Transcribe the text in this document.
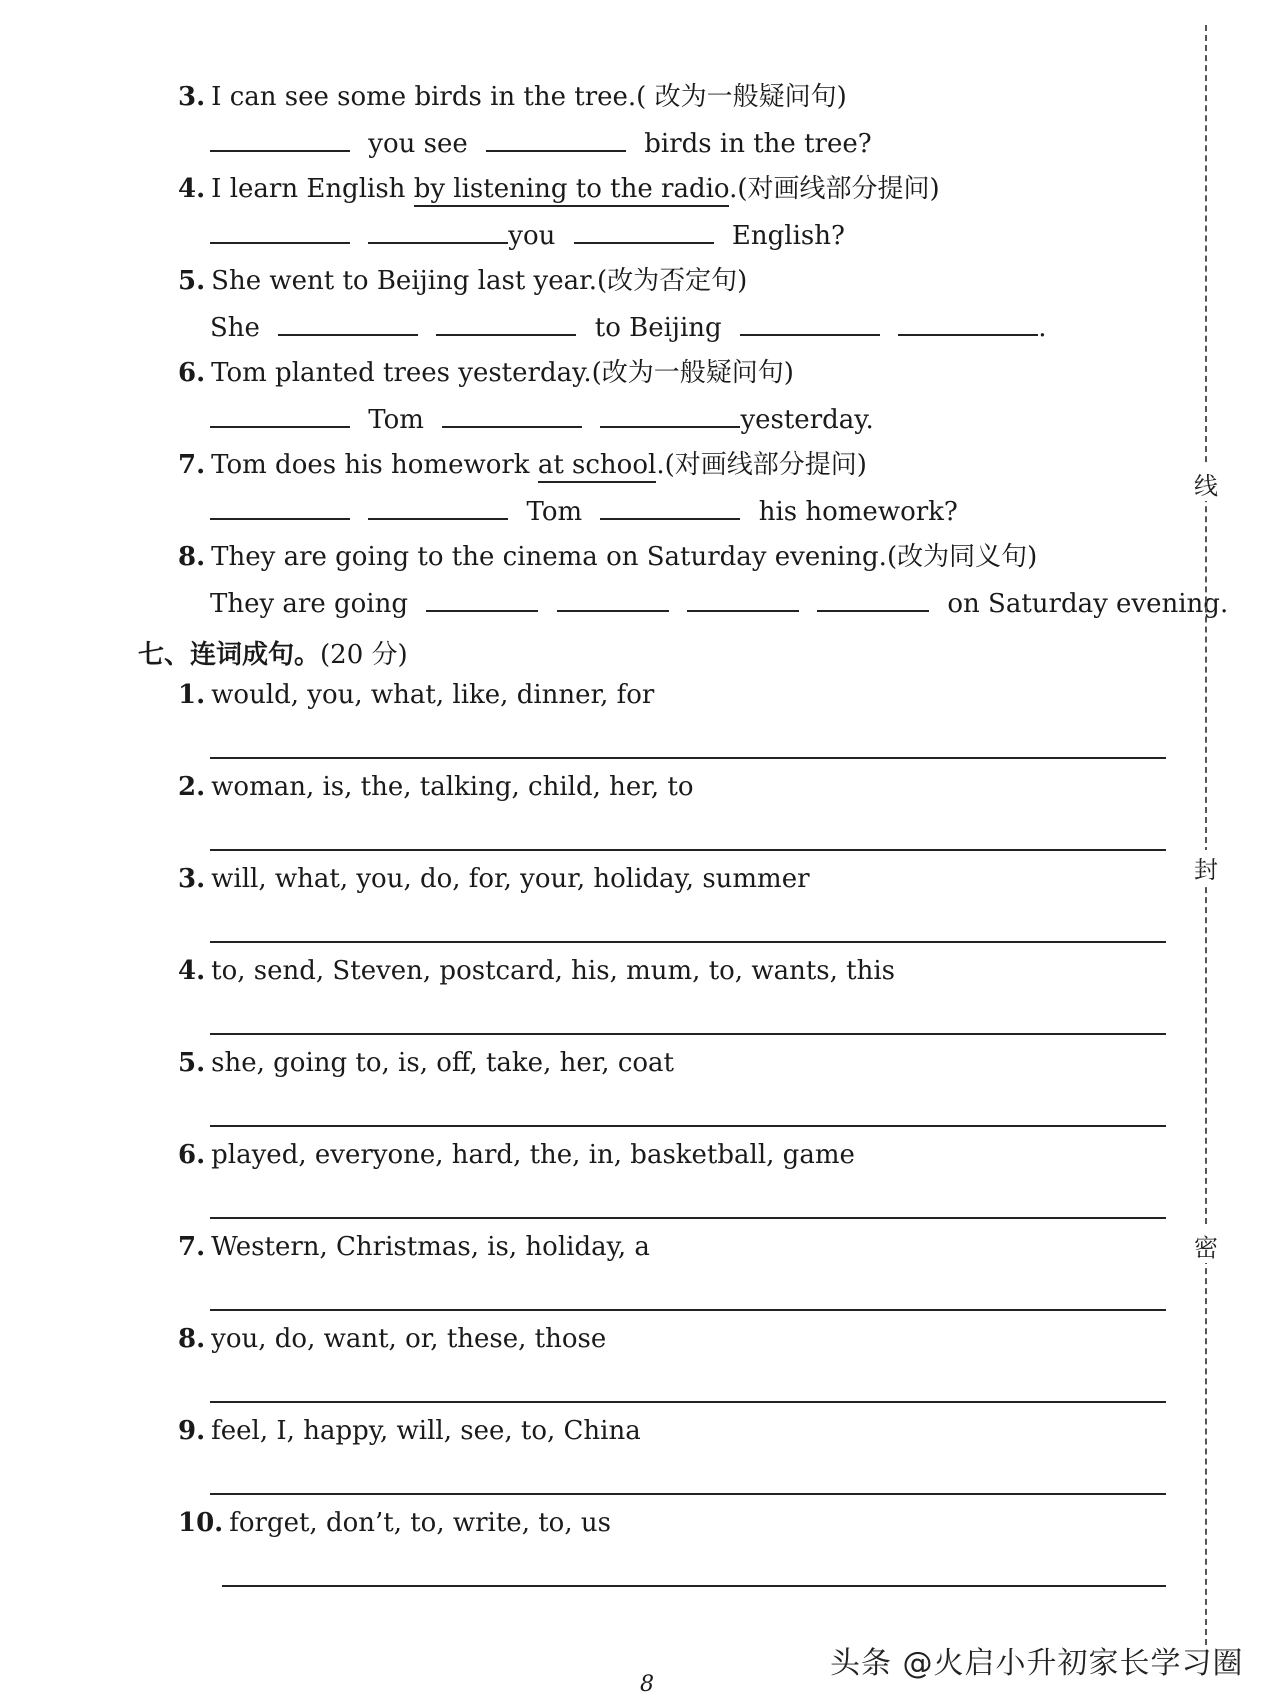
3. I can see some birds in the tree.( 改为一般疑问句)
you see	birds in the tree?
4. I learn English by listening to the radio.(对画线部分提问)
you	English?
5. She went to Beijing last year.(改为否定句)
She	to Beijing	.
6. Tom planted trees yesterday.(改为一般疑问句)
Tom	yesterday.
7. Tom does his homework at school.(对画线部分提问)
Tom	his homework?
8. They are going to the cinema on Saturday evening.(改为同义句)
They are going	on Saturday evening.
七、连词成句。(20 分)
1. would, you, what, like, dinner, for
2. woman, is, the, talking, child, her, to
3. will, what, you, do, for, your, holiday, summer
4. to, send, Steven, postcard, his, mum, to, wants, this
5. she, going to, is, off, take, her, coat
6. played, everyone, hard, the, in, basketball, game
7. Western, Christmas, is, holiday, a
8. you, do, want, or, these, those
9. feel, I, happy, will, see, to, China
10. forget, don’t, to, write, to, us
线
封
密
8
头条 @火启小升初家长学习圈
